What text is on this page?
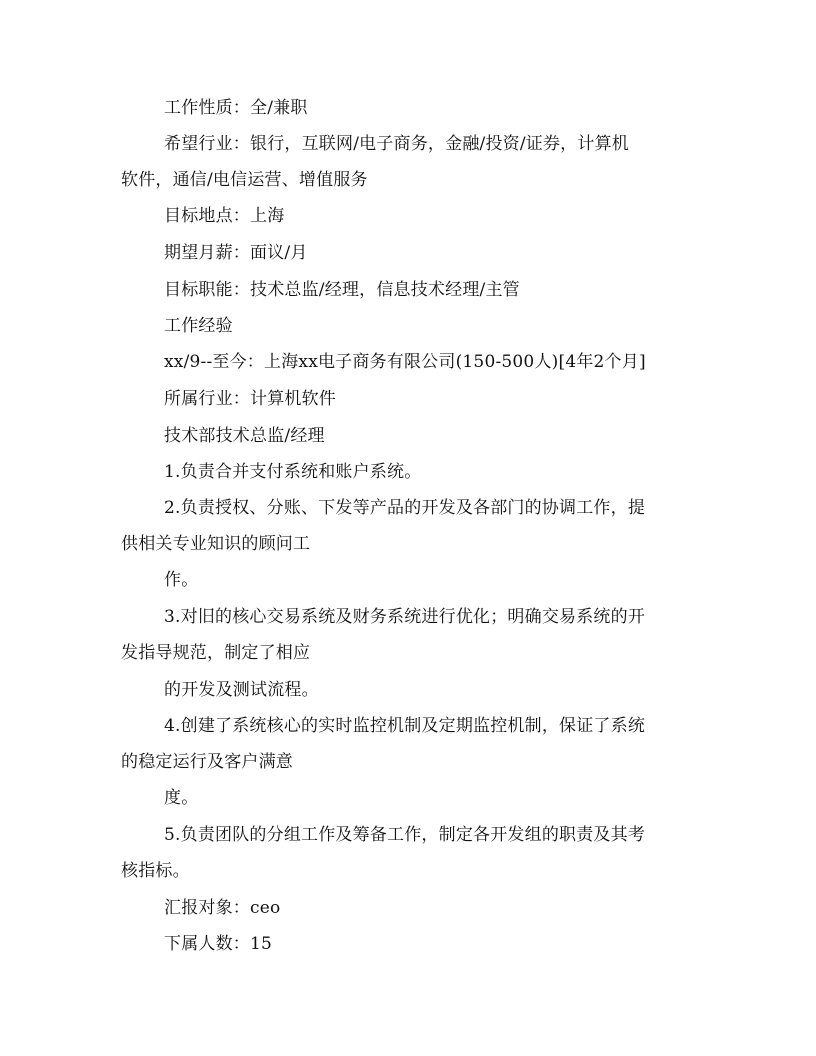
工作性质：全/兼职
希望行业：银行，互联网/电子商务，金融/投资/证券，计算机
软件，通信/电信运营、增值服务
目标地点：上海
期望月薪：面议/月
目标职能：技术总监/经理，信息技术经理/主管
工作经验
xx/9--至今：上海xx电子商务有限公司(150-500人)[4年2个月]
所属行业：计算机软件
技术部技术总监/经理
1.负责合并支付系统和账户系统。
2.负责授权、分账、下发等产品的开发及各部门的协调工作，提
供相关专业知识的顾问工
作。
3.对旧的核心交易系统及财务系统进行优化；明确交易系统的开
发指导规范，制定了相应
的开发及测试流程。
4.创建了系统核心的实时监控机制及定期监控机制，保证了系统
的稳定运行及客户满意
度。
5.负责团队的分组工作及筹备工作，制定各开发组的职责及其考
核指标。
汇报对象：ceo
下属人数：15
